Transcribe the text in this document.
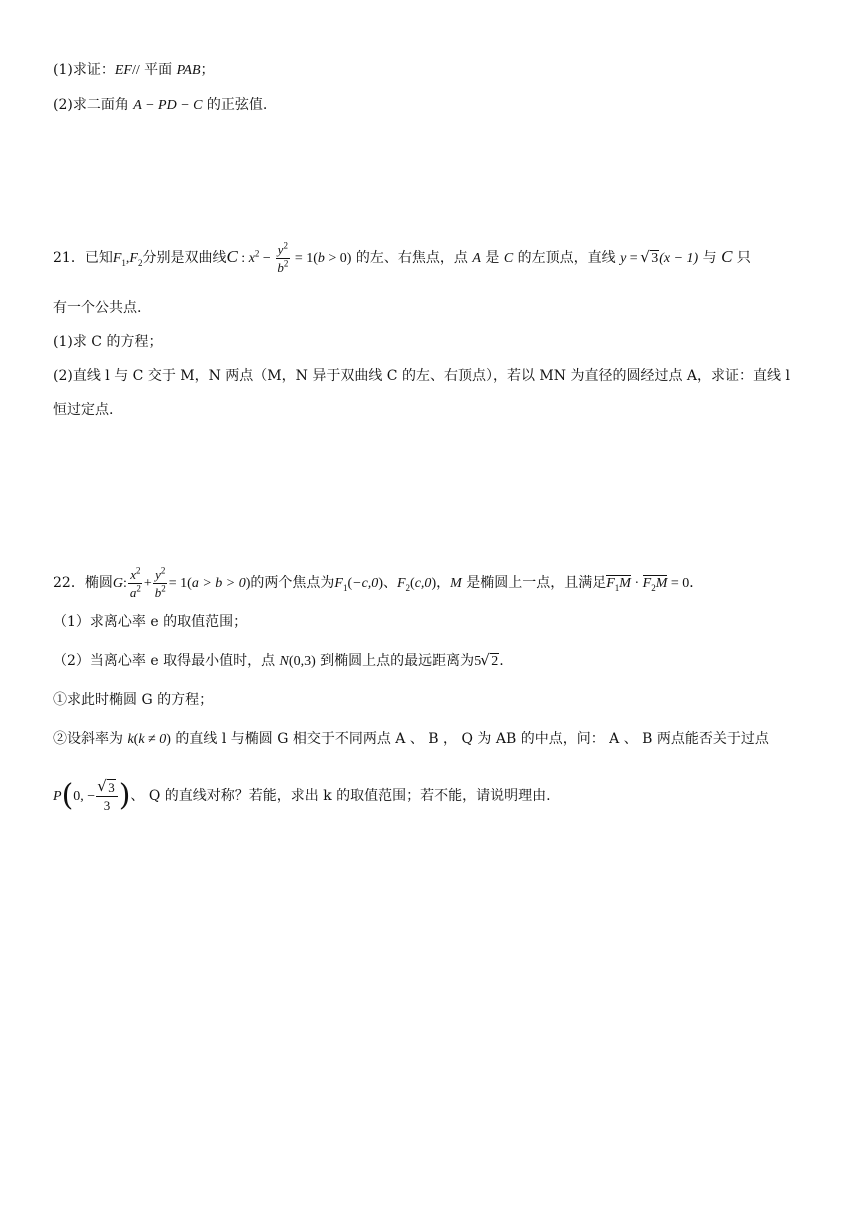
(1)求证：EF// 平面 PAB；
(2)求二面角 A − PD − C 的正弦值.
21．已知$F_1,F_2$分别是双曲线C : $x^2 - \frac{y^2}{b^2} = 1(b > 0)$ 的左、右焦点，点 A 是 C 的左顶点，直线 y = √ 3(x − 1) 与 C 只
有一个公共点.
(1)求 C 的方程；
(2)直线 l 与 C 交于 M，N 两点（M，N 异于双曲线 C 的左、右顶点），若以 MN 为直径的圆经过点 A，求证：直线 l
恒过定点.
22．椭圆G: $\frac{x^2}{a^2} + \frac{y^2}{b^2} = 1(a > b > 0)$的两个焦点为$F_1(-c,0)$、$F_2(c,0)$，M 是椭圆上一点，且满足$F_1M \cdot F_2M = 0$．
（1）求离心率 e 的取值范围；
（2）当离心率 e 取得最小值时，点 N(0,3) 到椭圆上点的最远距离为5 √ 2.
①求此时椭圆 G 的方程；
②设斜率为 k(k ≠ 0) 的直线 l 与椭圆 G 相交于不同两点 A 、 B ， Q 为 AB 的中点，问： A 、 B 两点能否关于过点
P(0, − √ $\frac{3}{3}$ )、 Q 的直线对称？若能，求出 k 的取值范围；若不能，请说明理由.
